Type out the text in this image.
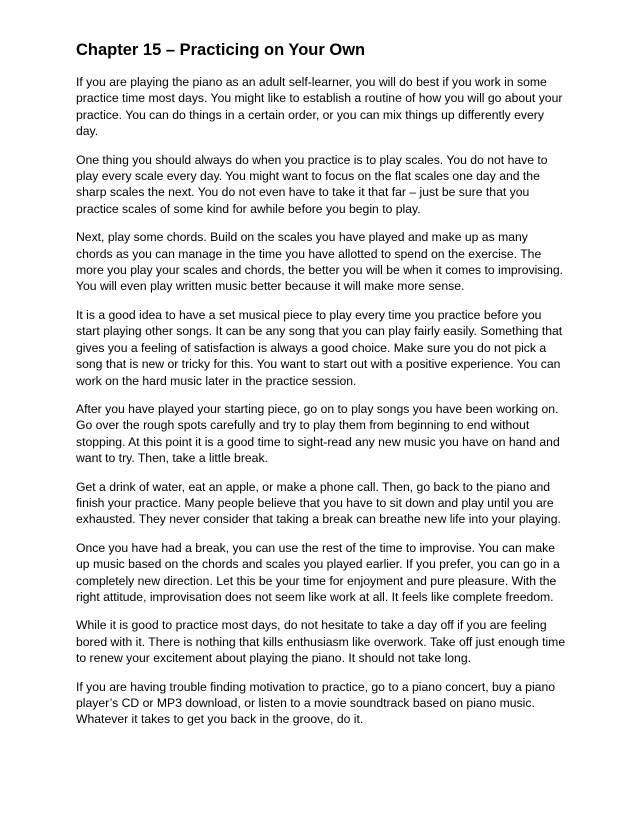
Chapter 15 – Practicing on Your Own

If you are playing the piano as an adult self-learner, you will do best if you work in some practice time most days. You might like to establish a routine of how you will go about your practice. You can do things in a certain order, or you can mix things up differently every day.

One thing you should always do when you practice is to play scales. You do not have to play every scale every day. You might want to focus on the flat scales one day and the sharp scales the next. You do not even have to take it that far – just be sure that you practice scales of some kind for awhile before you begin to play.

Next, play some chords. Build on the scales you have played and make up as many chords as you can manage in the time you have allotted to spend on the exercise. The more you play your scales and chords, the better you will be when it comes to improvising. You will even play written music better because it will make more sense.

It is a good idea to have a set musical piece to play every time you practice before you start playing other songs. It can be any song that you can play fairly easily. Something that gives you a feeling of satisfaction is always a good choice. Make sure you do not pick a song that is new or tricky for this. You want to start out with a positive experience. You can work on the hard music later in the practice session.

After you have played your starting piece, go on to play songs you have been working on. Go over the rough spots carefully and try to play them from beginning to end without stopping. At this point it is a good time to sight-read any new music you have on hand and want to try. Then, take a little break.

Get a drink of water, eat an apple, or make a phone call. Then, go back to the piano and finish your practice. Many people believe that you have to sit down and play until you are exhausted. They never consider that taking a break can breathe new life into your playing.

Once you have had a break, you can use the rest of the time to improvise. You can make up music based on the chords and scales you played earlier. If you prefer, you can go in a completely new direction. Let this be your time for enjoyment and pure pleasure. With the right attitude, improvisation does not seem like work at all. It feels like complete freedom.

While it is good to practice most days, do not hesitate to take a day off if you are feeling bored with it. There is nothing that kills enthusiasm like overwork. Take off just enough time to renew your excitement about playing the piano. It should not take long.

If you are having trouble finding motivation to practice, go to a piano concert, buy a piano player’s CD or MP3 download, or listen to a movie soundtrack based on piano music. Whatever it takes to get you back in the groove, do it.
